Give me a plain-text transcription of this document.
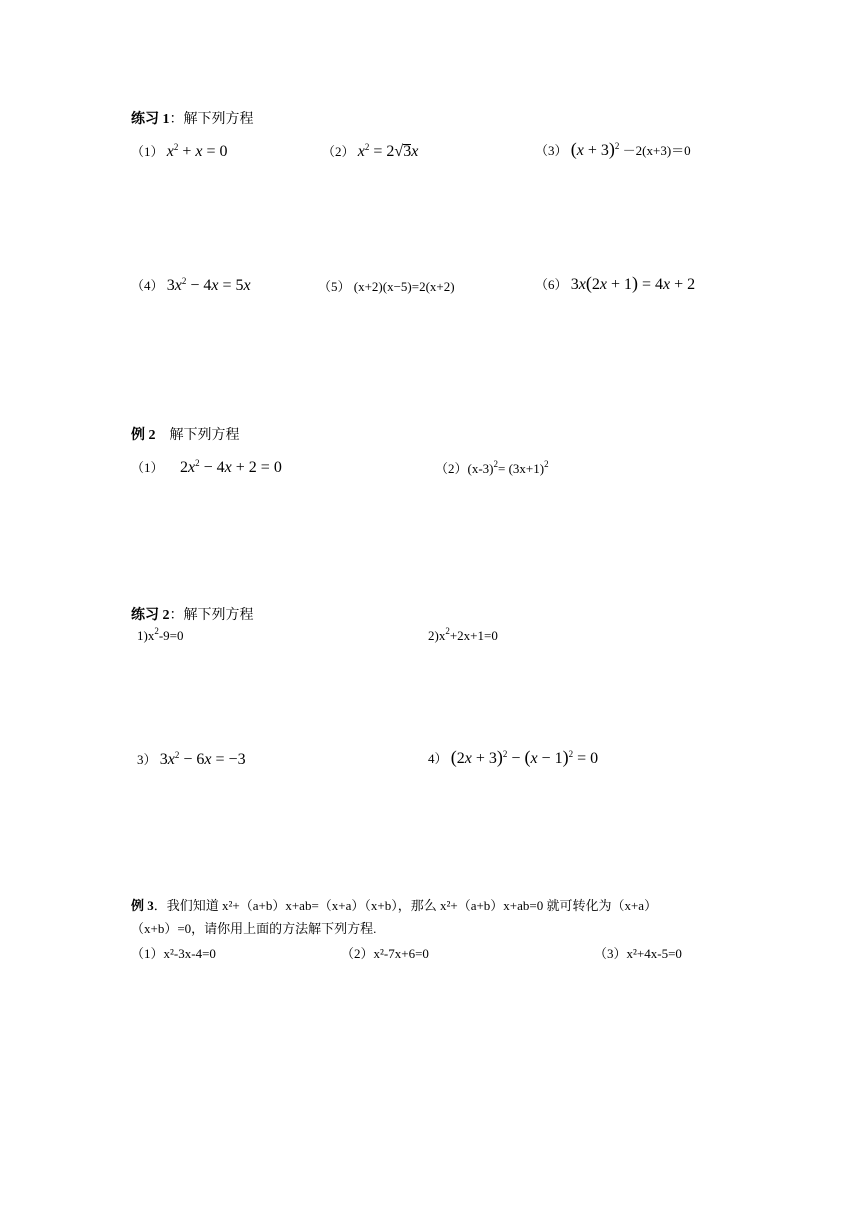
练习 1：解下列方程
（1） $x^2 + x = 0$	（2） $x^2 = 2√3x$	（3） $(x + 3)^2 -2(x+3)=0$
（4） $3x^2 - 4x = 5x$	（5） (x+2)(x−5)=2(x+2)	（6） 3x(2x + 1) = 4x + 2
例 2 解下列方程
（1） $2x^2 - 4x + 2 = 0$	$(2)(x-3)^2= (3x+1)^2$
练习 2：解下列方程
$1)x^2-9=0$	$2)x^2+2x+1=0$
3） $3x^2 - 6x = -3$	4） $(2x + 3)^2 - (x - 1)^2 = 0$
例 3．我们知道 x²+（a+b）x+ab=（x+a）（x+b），那么 x²+（a+b）x+ab=0 就可转化为（x+a）
（x+b）=0，请你用上面的方法解下列方程.
（1）x²-3x-4=0	（2）x²-7x+6=0	（3）x²+4x-5=0
